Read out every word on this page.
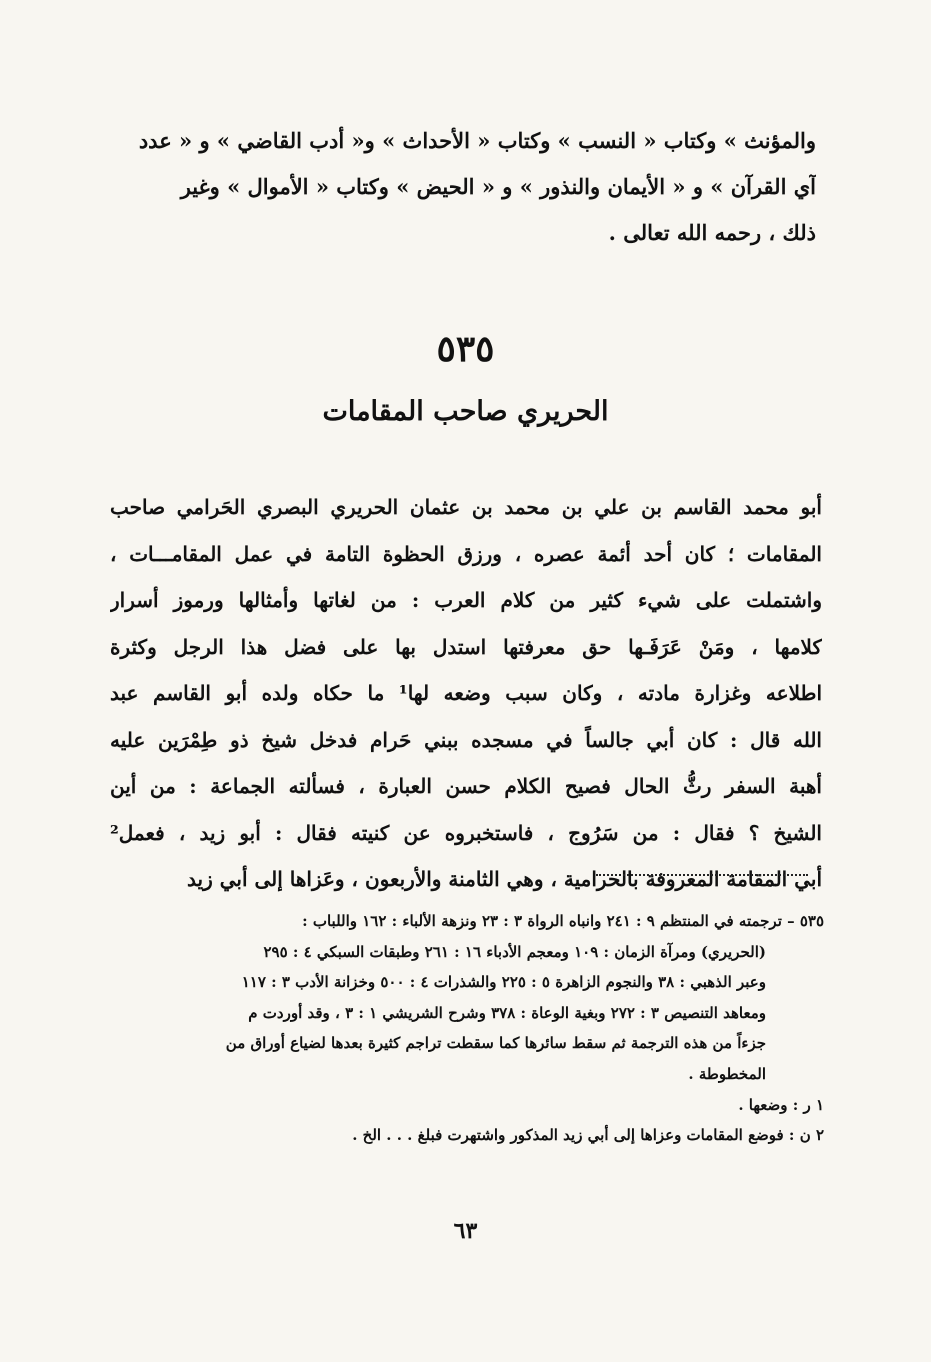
والمؤنث » وكتاب « النسب » وكتاب « الأحداث » و« أدب القاضي » و « عدد
آي القرآن » و « الأيمان والنذور » و « الحيض » وكتاب « الأموال » وغير
ذلك ، رحمه الله تعالى .
٥٣٥
الحريري صاحب المقامات
أبو محمد القاسم بن علي بن محمد بن عثمان الحريري البصري الحَرامي صاحب
المقامات ؛ كان أحد أئمة عصره ، ورزق الحظوة التامة في عمل المقامـــات ،
واشتملت على شيء كثير من كلام العرب : من لغاتها وأمثالها ورموز أسرار
كلامها ، ومَنْ عَرَفَـها حق معرفتها استدل بها على فضل هذا الرجل وكثرة
اطلاعه وغزارة مادته ، وكان سبب وضعه لها¹ ما حكاه ولده أبو القاسم عبد
الله قال : كان أبي جالساً في مسجده ببني حَرام فدخل شيخ ذو طِمْرَين عليه
أهبة السفر رثُّ الحال فصيح الكلام حسن العبارة ، فسألته الجماعة : من أين
الشيخ ؟ فقال : من سَرُوج ، فاستخبروه عن كنيته فقال : أبو زيد ، فعمل²
أبي المقامة المعروفة بالحرامية ، وهي الثامنة والأربعون ، وعَزاها إلى أبي زيد
٥٣٥ – ترجمته في المنتظم ٩ : ٢٤١ وانباه الرواة ٣ : ٢٣ ونزهة الألباء : ١٦٢ واللباب :
(الحريري) ومرآة الزمان : ١٠٩ ومعجم الأدباء ١٦ : ٢٦١ وطبقات السبكي ٤ : ٢٩٥
وعبر الذهبي : ٣٨ والنجوم الزاهرة ٥ : ٢٢٥ والشذرات ٤ : ٥٠٠ وخزانة الأدب ٣ : ١١٧
ومعاهد التنصيص ٣ : ٢٧٢ وبغية الوعاة : ٣٧٨ وشرح الشريشي ١ : ٣ ، وقد أوردت م
جزءاً من هذه الترجمة ثم سقط سائرها كما سقطت تراجم كثيرة بعدها لضياع أوراق من
المخطوطة .
١ ر : وضعها .
٢ ن : فوضع المقامات وعزاها إلى أبي زيد المذكور واشتهرت فبلغ . . . الخ .
٦٣
